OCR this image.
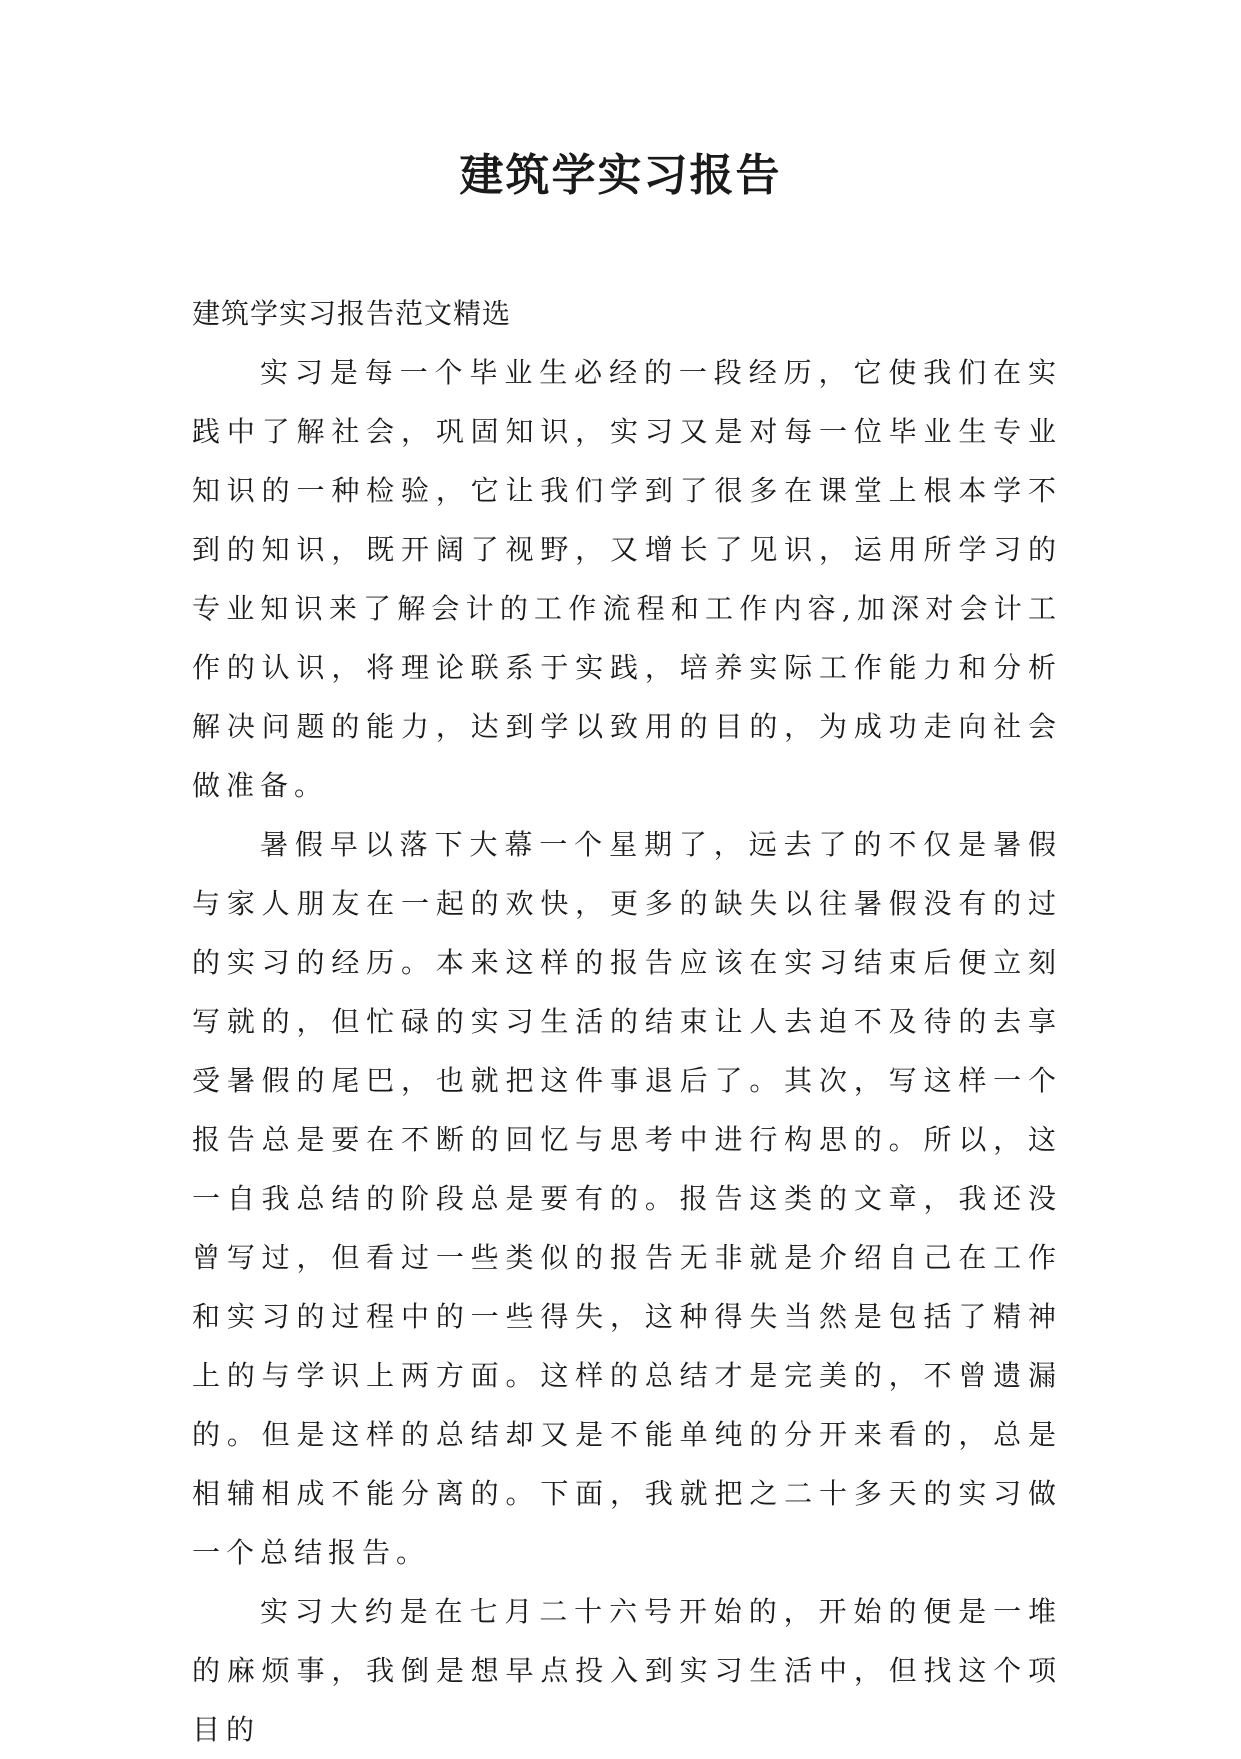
建筑学实习报告

建筑学实习报告范文精选

实习是每一个毕业生必经的一段经历，它使我们在实践中了解社会，巩固知识，实习又是对每一位毕业生专业知识的一种检验，它让我们学到了很多在课堂上根本学不到的知识，既开阔了视野，又增长了见识，运用所学习的专业知识来了解会计的工作流程和工作内容,加深对会计工作的认识，将理论联系于实践，培养实际工作能力和分析解决问题的能力，达到学以致用的目的，为成功走向社会做准备。

暑假早以落下大幕一个星期了，远去了的不仅是暑假与家人朋友在一起的欢快，更多的缺失以往暑假没有的过的实习的经历。本来这样的报告应该在实习结束后便立刻写就的，但忙碌的实习生活的结束让人去迫不及待的去享受暑假的尾巴，也就把这件事退后了。其次，写这样一个报告总是要在不断的回忆与思考中进行构思的。所以，这一自我总结的阶段总是要有的。报告这类的文章，我还没曾写过，但看过一些类似的报告无非就是介绍自己在工作和实习的过程中的一些得失，这种得失当然是包括了精神上的与学识上两方面。这样的总结才是完美的，不曾遗漏的。但是这样的总结却又是不能单纯的分开来看的，总是相辅相成不能分离的。下面，我就把之二十多天的实习做一个总结报告。

实习大约是在七月二十六号开始的，开始的便是一堆的麻烦事，我倒是想早点投入到实习生活中，但找这个项目的
